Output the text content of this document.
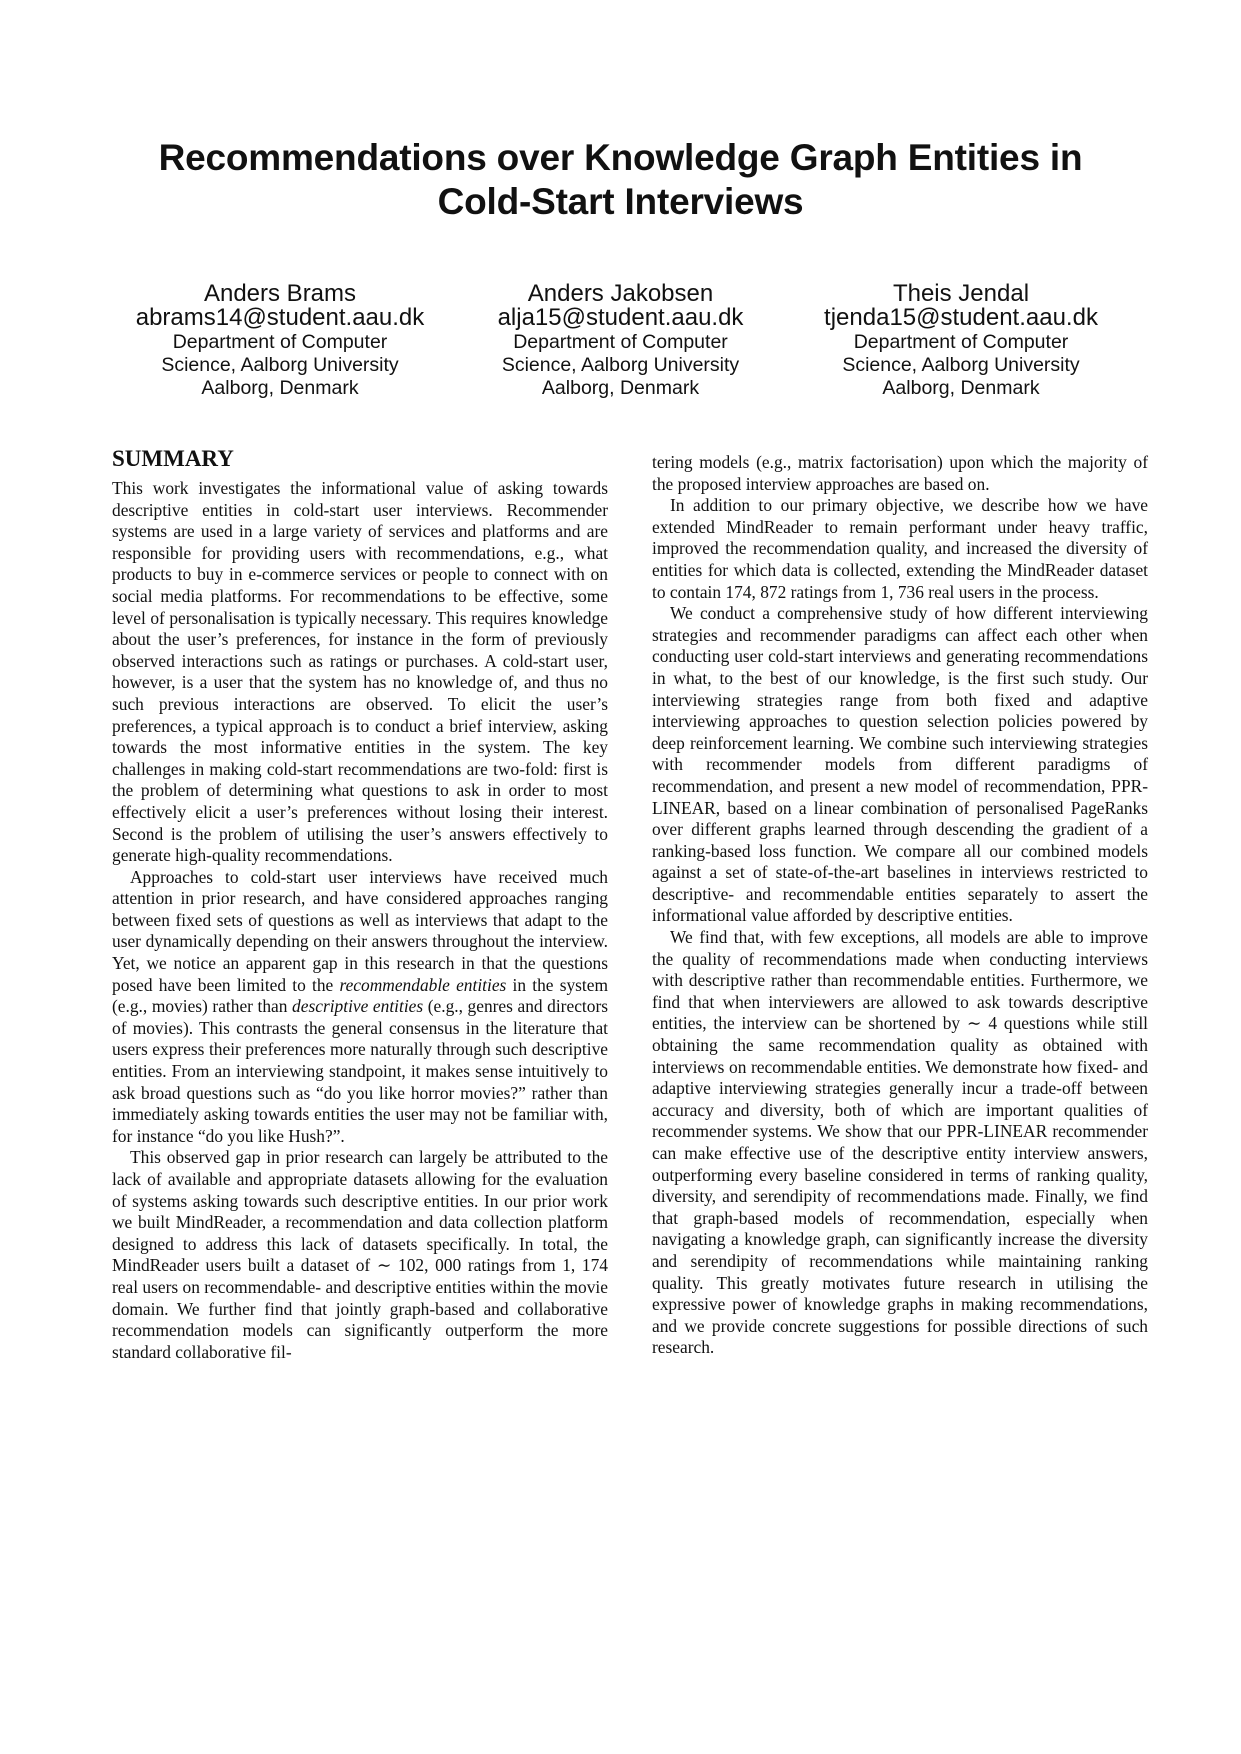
Recommendations over Knowledge Graph Entities in Cold-Start Interviews
Anders Brams
abrams14@student.aau.dk
Department of Computer
Science, Aalborg University
Aalborg, Denmark
Anders Jakobsen
alja15@student.aau.dk
Department of Computer
Science, Aalborg University
Aalborg, Denmark
Theis Jendal
tjenda15@student.aau.dk
Department of Computer
Science, Aalborg University
Aalborg, Denmark
SUMMARY

This work investigates the informational value of asking towards descriptive entities in cold-start user interviews. Recommender systems are used in a large variety of services and platforms and are responsible for providing users with recommendations, e.g., what products to buy in e-commerce services or people to connect with on social media platforms. For recommendations to be effective, some level of personalisation is typically necessary. This requires knowledge about the user’s preferences, for instance in the form of previously observed interactions such as ratings or purchases. A cold-start user, however, is a user that the system has no knowledge of, and thus no such previous interactions are observed. To elicit the user’s preferences, a typical approach is to conduct a brief interview, asking towards the most informative entities in the system. The key challenges in making cold-start recommendations are two-fold: first is the problem of determining what questions to ask in order to most effectively elicit a user’s preferences without losing their interest. Second is the problem of utilising the user’s answers effectively to generate high-quality recommendations.

Approaches to cold-start user interviews have received much attention in prior research, and have considered approaches ranging between fixed sets of questions as well as interviews that adapt to the user dynamically depending on their answers throughout the interview. Yet, we notice an apparent gap in this research in that the questions posed have been limited to the recommendable entities in the system (e.g., movies) rather than descriptive entities (e.g., genres and directors of movies). This contrasts the general consensus in the literature that users express their preferences more naturally through such descriptive entities. From an interviewing standpoint, it makes sense intuitively to ask broad questions such as “do you like horror movies?” rather than immediately asking towards entities the user may not be familiar with, for instance “do you like Hush?”.

This observed gap in prior research can largely be attributed to the lack of available and appropriate datasets allowing for the evaluation of systems asking towards such descriptive entities. In our prior work we built MindReader, a recommendation and data collection platform designed to address this lack of datasets specifically. In total, the MindReader users built a dataset of ∼ 102, 000 ratings from 1, 174 real users on recommendable- and descriptive entities within the movie domain. We further find that jointly graph-based and collaborative recommendation models can significantly outperform the more standard collaborative fil-

tering models (e.g., matrix factorisation) upon which the majority of the proposed interview approaches are based on.

In addition to our primary objective, we describe how we have extended MindReader to remain performant under heavy traffic, improved the recommendation quality, and increased the diversity of entities for which data is collected, extending the MindReader dataset to contain 174, 872 ratings from 1, 736 real users in the process.

We conduct a comprehensive study of how different interviewing strategies and recommender paradigms can affect each other when conducting user cold-start interviews and generating recommendations in what, to the best of our knowledge, is the first such study. Our interviewing strategies range from both fixed and adaptive interviewing approaches to question selection policies powered by deep reinforcement learning. We combine such interviewing strategies with recommender models from different paradigms of recommendation, and present a new model of recommendation, PPR-LINEAR, based on a linear combination of personalised PageRanks over different graphs learned through descending the gradient of a ranking-based loss function. We compare all our combined models against a set of state-of-the-art baselines in interviews restricted to descriptive- and recommendable entities separately to assert the informational value afforded by descriptive entities.

We find that, with few exceptions, all models are able to improve the quality of recommendations made when conducting interviews with descriptive rather than recommendable entities. Furthermore, we find that when interviewers are allowed to ask towards descriptive entities, the interview can be shortened by ∼ 4 questions while still obtaining the same recommendation quality as obtained with interviews on recommendable entities. We demonstrate how fixed- and adaptive interviewing strategies generally incur a trade-off between accuracy and diversity, both of which are important qualities of recommender systems. We show that our PPR-LINEAR recommender can make effective use of the descriptive entity interview answers, outperforming every baseline considered in terms of ranking quality, diversity, and serendipity of recommendations made. Finally, we find that graph-based models of recommendation, especially when navigating a knowledge graph, can significantly increase the diversity and serendipity of recommendations while maintaining ranking quality. This greatly motivates future research in utilising the expressive power of knowledge graphs in making recommendations, and we provide concrete suggestions for possible directions of such research.
